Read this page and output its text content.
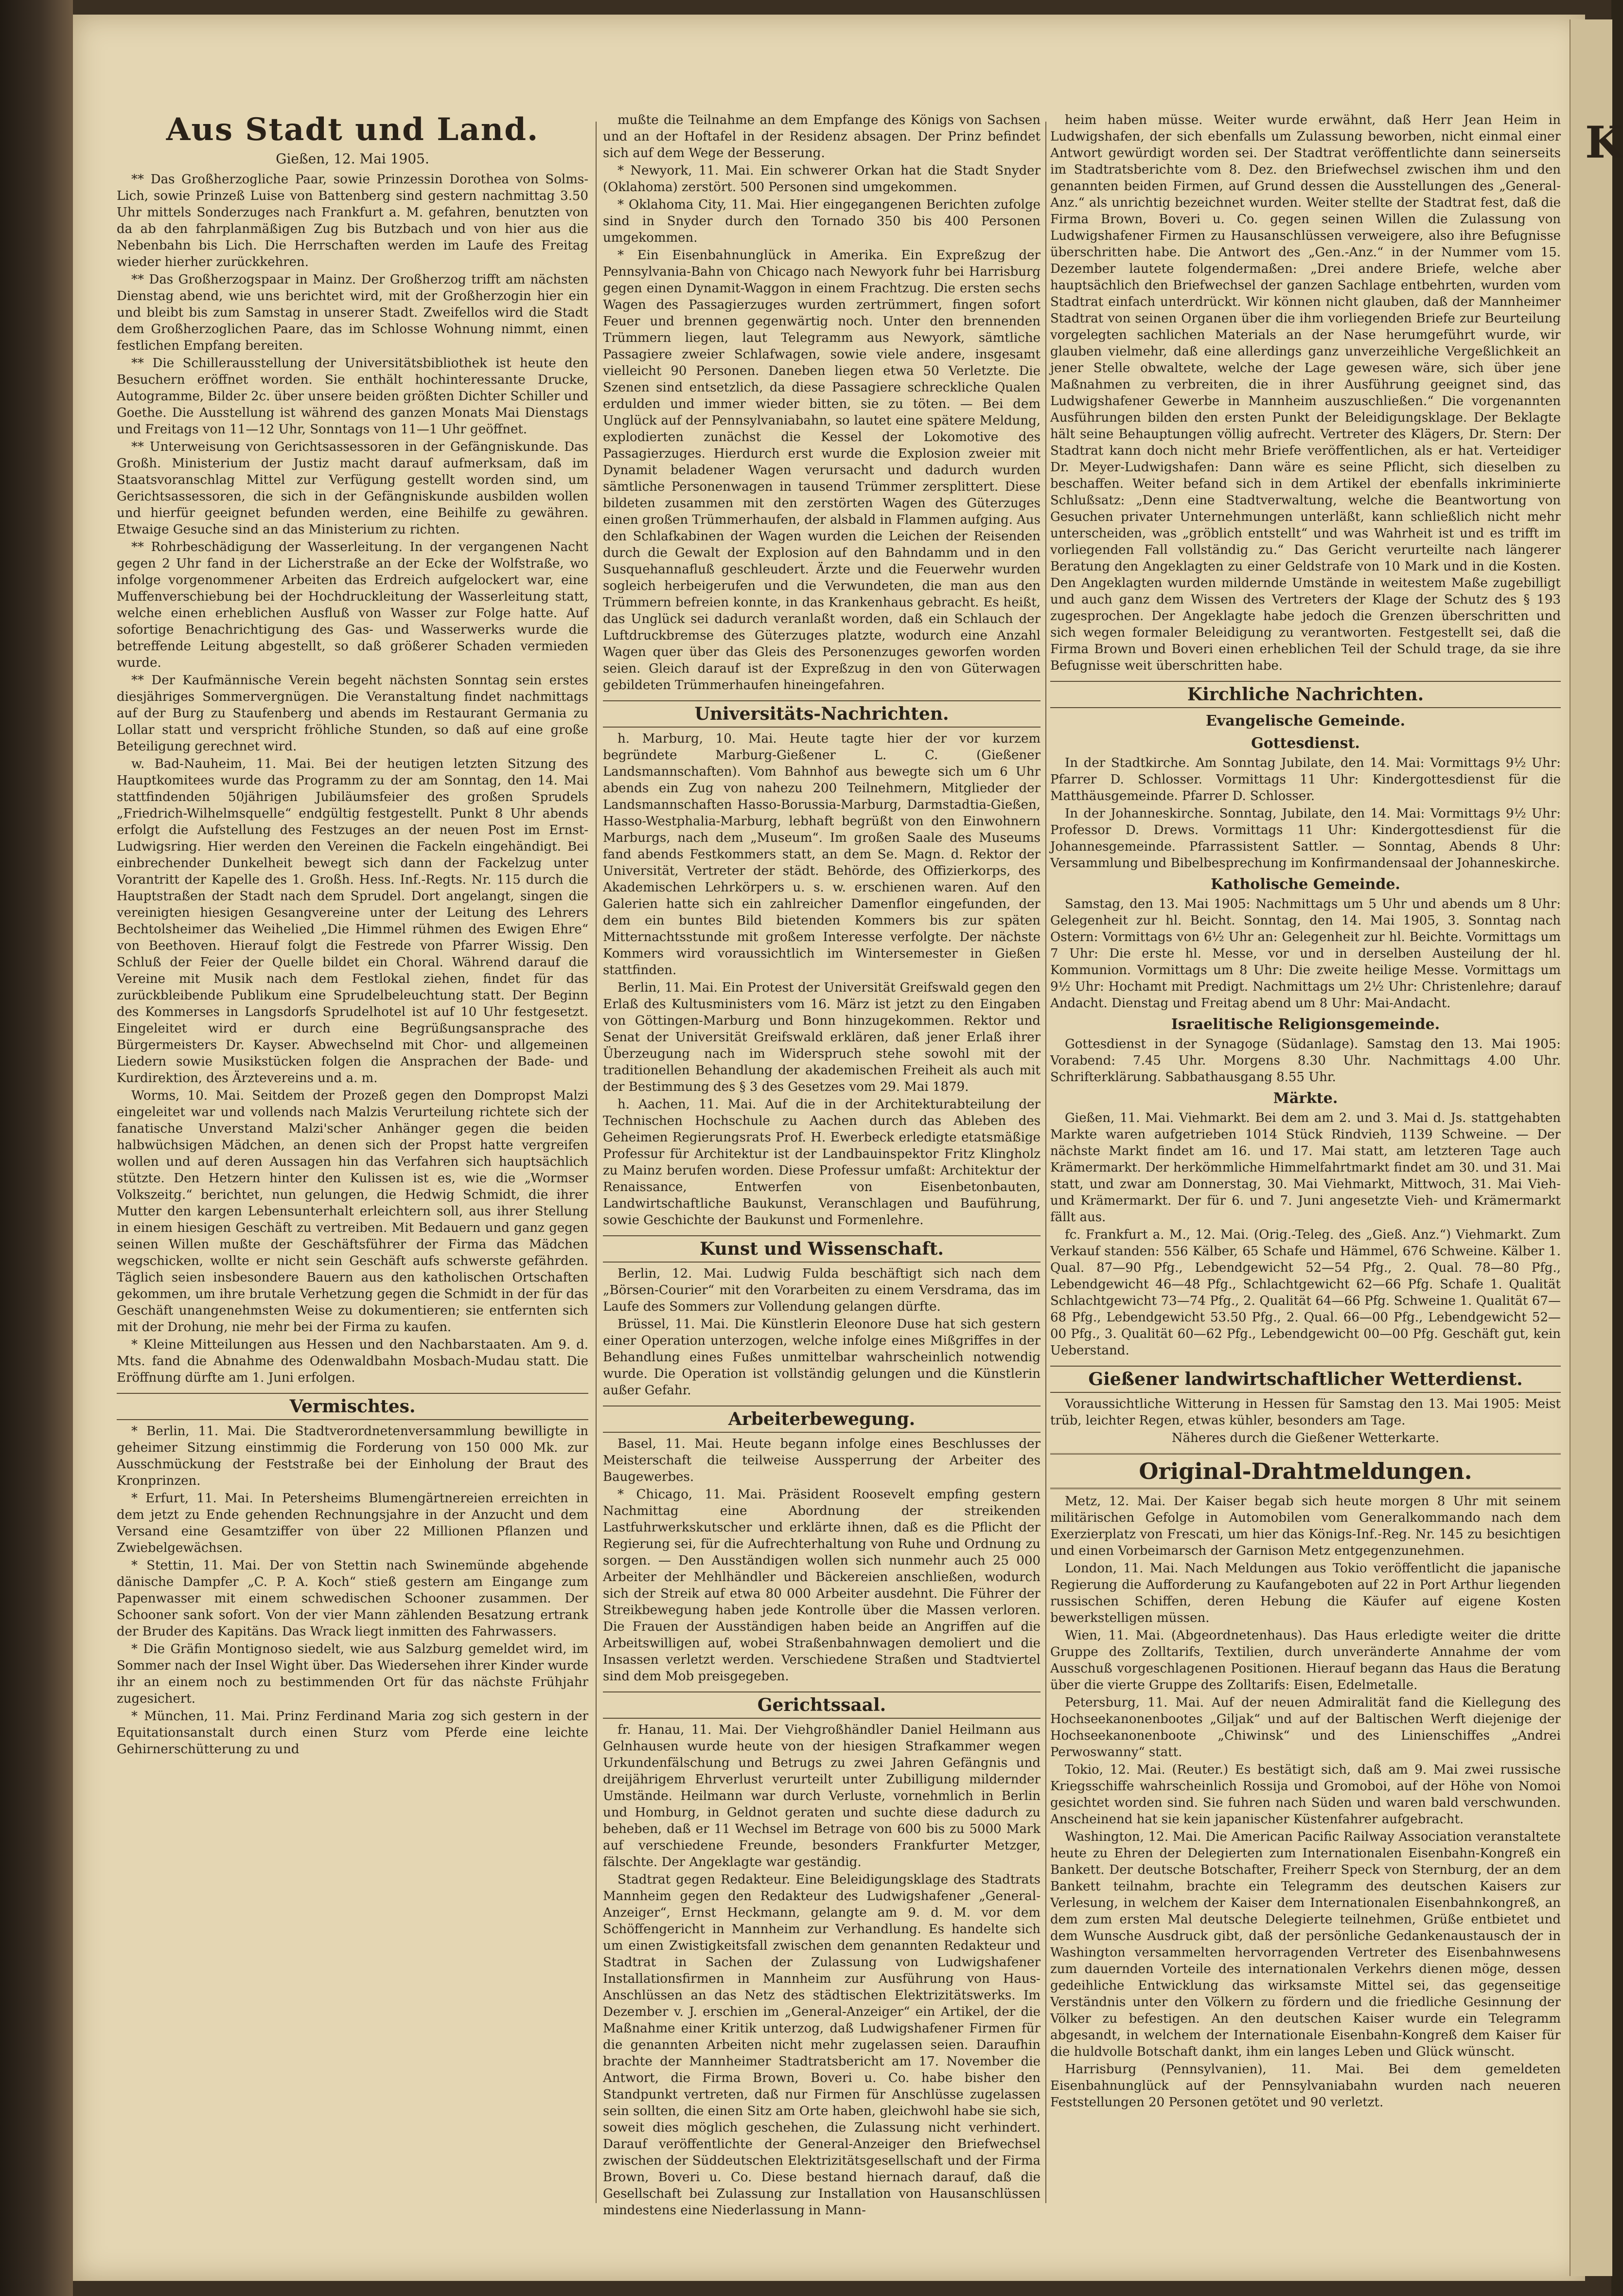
K
Aus Stadt und Land.
Gießen, 12. Mai 1905.

** Das Großherzogliche Paar, sowie Prinzessin Dorothea von Solms-Lich, sowie Prinzeß Luise von Battenberg sind gestern nachmittag 3.50 Uhr mittels Sonderzuges nach Frankfurt a. M. gefahren, benutzten von da ab den fahrplanmäßigen Zug bis Butzbach und von hier aus die Nebenbahn bis Lich. Die Herrschaften werden im Laufe des Freitag wieder hierher zurückkehren.

** Das Großherzogspaar in Mainz. Der Großherzog trifft am nächsten Dienstag abend, wie uns berichtet wird, mit der Großherzogin hier ein und bleibt bis zum Samstag in unserer Stadt. Zweifellos wird die Stadt dem Großherzoglichen Paare, das im Schlosse Wohnung nimmt, einen festlichen Empfang bereiten.

** Die Schillerausstellung der Universitätsbibliothek ist heute den Besuchern eröffnet worden. Sie enthält hochinteressante Drucke, Autogramme, Bilder 2c. über unsere beiden größten Dichter Schiller und Goethe. Die Ausstellung ist während des ganzen Monats Mai Dienstags und Freitags von 11—12 Uhr, Sonntags von 11—1 Uhr geöffnet.

** Unterweisung von Gerichtsassessoren in der Gefängniskunde. Das Großh. Ministerium der Justiz macht darauf aufmerksam, daß im Staatsvoranschlag Mittel zur Verfügung gestellt worden sind, um Gerichtsassessoren, die sich in der Gefängniskunde ausbilden wollen und hierfür geeignet befunden werden, eine Beihilfe zu gewähren. Etwaige Gesuche sind an das Ministerium zu richten.

** Rohrbeschädigung der Wasserleitung. In der vergangenen Nacht gegen 2 Uhr fand in der Licherstraße an der Ecke der Wolfstraße, wo infolge vorgenommener Arbeiten das Erdreich aufgelockert war, eine Muffenverschiebung bei der Hochdruckleitung der Wasserleitung statt, welche einen erheblichen Ausfluß von Wasser zur Folge hatte. Auf sofortige Benachrichtigung des Gas- und Wasserwerks wurde die betreffende Leitung abgestellt, so daß größerer Schaden vermieden wurde.

** Der Kaufmännische Verein begeht nächsten Sonntag sein erstes diesjähriges Sommervergnügen. Die Veranstaltung findet nachmittags auf der Burg zu Staufenberg und abends im Restaurant Germania zu Lollar statt und verspricht fröhliche Stunden, so daß auf eine große Beteiligung gerechnet wird.

w. Bad-Nauheim, 11. Mai. Bei der heutigen letzten Sitzung des Hauptkomitees wurde das Programm zu der am Sonntag, den 14. Mai stattfindenden 50jährigen Jubiläumsfeier des großen Sprudels „Friedrich-Wilhelmsquelle“ endgültig festgestellt. Punkt 8 Uhr abends erfolgt die Aufstellung des Festzuges an der neuen Post im Ernst-Ludwigsring. Hier werden den Vereinen die Fackeln eingehändigt. Bei einbrechender Dunkelheit bewegt sich dann der Fackelzug unter Vorantritt der Kapelle des 1. Großh. Hess. Inf.-Regts. Nr. 115 durch die Hauptstraßen der Stadt nach dem Sprudel. Dort angelangt, singen die vereinigten hiesigen Gesangvereine unter der Leitung des Lehrers Bechtolsheimer das Weihelied „Die Himmel rühmen des Ewigen Ehre“ von Beethoven. Hierauf folgt die Festrede von Pfarrer Wissig. Den Schluß der Feier der Quelle bildet ein Choral. Während darauf die Vereine mit Musik nach dem Festlokal ziehen, findet für das zurückbleibende Publikum eine Sprudelbeleuchtung statt. Der Beginn des Kommerses in Langsdorfs Sprudelhotel ist auf 10 Uhr festgesetzt. Eingeleitet wird er durch eine Begrüßungsansprache des Bürgermeisters Dr. Kayser. Abwechselnd mit Chor- und allgemeinen Liedern sowie Musikstücken folgen die Ansprachen der Bade- und Kurdirektion, des Ärztevereins und a. m.

Worms, 10. Mai. Seitdem der Prozeß gegen den Dompropst Malzi eingeleitet war und vollends nach Malzis Verurteilung richtete sich der fanatische Unverstand Malzi'scher Anhänger gegen die beiden halbwüchsigen Mädchen, an denen sich der Propst hatte vergreifen wollen und auf deren Aussagen hin das Verfahren sich hauptsächlich stützte. Den Hetzern hinter den Kulissen ist es, wie die „Wormser Volkszeitg.“ berichtet, nun gelungen, die Hedwig Schmidt, die ihrer Mutter den kargen Lebensunterhalt erleichtern soll, aus ihrer Stellung in einem hiesigen Geschäft zu vertreiben. Mit Bedauern und ganz gegen seinen Willen mußte der Geschäftsführer der Firma das Mädchen wegschicken, wollte er nicht sein Geschäft aufs schwerste gefährden. Täglich seien insbesondere Bauern aus den katholischen Ortschaften gekommen, um ihre brutale Verhetzung gegen die Schmidt in der für das Geschäft unangenehmsten Weise zu dokumentieren; sie entfernten sich mit der Drohung, nie mehr bei der Firma zu kaufen.

* Kleine Mitteilungen aus Hessen und den Nachbarstaaten. Am 9. d. Mts. fand die Abnahme des Odenwaldbahn Mosbach-Mudau statt. Die Eröffnung dürfte am 1. Juni erfolgen.

Vermischtes.

* Berlin, 11. Mai. Die Stadtverordnetenversammlung bewilligte in geheimer Sitzung einstimmig die Forderung von 150 000 Mk. zur Ausschmückung der Feststraße bei der Einholung der Braut des Kronprinzen.

* Erfurt, 11. Mai. In Petersheims Blumengärtnereien erreichten in dem jetzt zu Ende gehenden Rechnungsjahre in der Anzucht und dem Versand eine Gesamtziffer von über 22 Millionen Pflanzen und Zwiebelgewächsen.

* Stettin, 11. Mai. Der von Stettin nach Swinemünde abgehende dänische Dampfer „C. P. A. Koch“ stieß gestern am Eingange zum Papenwasser mit einem schwedischen Schooner zusammen. Der Schooner sank sofort. Von der vier Mann zählenden Besatzung ertrank der Bruder des Kapitäns. Das Wrack liegt inmitten des Fahrwassers.

* Die Gräfin Montignoso siedelt, wie aus Salzburg gemeldet wird, im Sommer nach der Insel Wight über. Das Wiedersehen ihrer Kinder wurde ihr an einem noch zu bestimmenden Ort für das nächste Frühjahr zugesichert.

* München, 11. Mai. Prinz Ferdinand Maria zog sich gestern in der Equitationsanstalt durch einen Sturz vom Pferde eine leichte Gehirnerschütterung zu und

mußte die Teilnahme an dem Empfange des Königs von Sachsen und an der Hoftafel in der Residenz absagen. Der Prinz befindet sich auf dem Wege der Besserung.

* Newyork, 11. Mai. Ein schwerer Orkan hat die Stadt Snyder (Oklahoma) zerstört. 500 Personen sind umgekommen.

* Oklahoma City, 11. Mai. Hier eingegangenen Berichten zufolge sind in Snyder durch den Tornado 350 bis 400 Personen umgekommen.

* Ein Eisenbahnunglück in Amerika. Ein Expreßzug der Pennsylvania-Bahn von Chicago nach Newyork fuhr bei Harrisburg gegen einen Dynamit-Waggon in einem Frachtzug. Die ersten sechs Wagen des Passagierzuges wurden zertrümmert, fingen sofort Feuer und brennen gegenwärtig noch. Unter den brennenden Trümmern liegen, laut Telegramm aus Newyork, sämtliche Passagiere zweier Schlafwagen, sowie viele andere, insgesamt vielleicht 90 Personen. Daneben liegen etwa 50 Verletzte. Die Szenen sind entsetzlich, da diese Passagiere schreckliche Qualen erdulden und immer wieder bitten, sie zu töten. — Bei dem Unglück auf der Pennsylvaniabahn, so lautet eine spätere Meldung, explodierten zunächst die Kessel der Lokomotive des Passagierzuges. Hierdurch erst wurde die Explosion zweier mit Dynamit beladener Wagen verursacht und dadurch wurden sämtliche Personenwagen in tausend Trümmer zersplittert. Diese bildeten zusammen mit den zerstörten Wagen des Güterzuges einen großen Trümmerhaufen, der alsbald in Flammen aufging. Aus den Schlafkabinen der Wagen wurden die Leichen der Reisenden durch die Gewalt der Explosion auf den Bahndamm und in den Susquehannafluß geschleudert. Ärzte und die Feuerwehr wurden sogleich herbeigerufen und die Verwundeten, die man aus den Trümmern befreien konnte, in das Krankenhaus gebracht. Es heißt, das Unglück sei dadurch veranlaßt worden, daß ein Schlauch der Luftdruckbremse des Güterzuges platzte, wodurch eine Anzahl Wagen quer über das Gleis des Personenzuges geworfen worden seien. Gleich darauf ist der Expreßzug in den von Güterwagen gebildeten Trümmerhaufen hineingefahren.

Universitäts-Nachrichten.

h. Marburg, 10. Mai. Heute tagte hier der vor kurzem begründete Marburg-Gießener L. C. (Gießener Landsmannschaften). Vom Bahnhof aus bewegte sich um 6 Uhr abends ein Zug von nahezu 200 Teilnehmern, Mitglieder der Landsmannschaften Hasso-Borussia-Marburg, Darmstadtia-Gießen, Hasso-Westphalia-Marburg, lebhaft begrüßt von den Einwohnern Marburgs, nach dem „Museum“. Im großen Saale des Museums fand abends Festkommers statt, an dem Se. Magn. d. Rektor der Universität, Vertreter der städt. Behörde, des Offizierkorps, des Akademischen Lehrkörpers u. s. w. erschienen waren. Auf den Galerien hatte sich ein zahlreicher Damenflor eingefunden, der dem ein buntes Bild bietenden Kommers bis zur späten Mitternachtsstunde mit großem Interesse verfolgte. Der nächste Kommers wird voraussichtlich im Wintersemester in Gießen stattfinden.

Berlin, 11. Mai. Ein Protest der Universität Greifswald gegen den Erlaß des Kultusministers vom 16. März ist jetzt zu den Eingaben von Göttingen-Marburg und Bonn hinzugekommen. Rektor und Senat der Universität Greifswald erklären, daß jener Erlaß ihrer Überzeugung nach im Widerspruch stehe sowohl mit der traditionellen Behandlung der akademischen Freiheit als auch mit der Bestimmung des § 3 des Gesetzes vom 29. Mai 1879.

h. Aachen, 11. Mai. Auf die in der Architekturabteilung der Technischen Hochschule zu Aachen durch das Ableben des Geheimen Regierungsrats Prof. H. Ewerbeck erledigte etatsmäßige Professur für Architektur ist der Landbauinspektor Fritz Klingholz zu Mainz berufen worden. Diese Professur umfaßt: Architektur der Renaissance, Entwerfen von Eisenbetonbauten, Landwirtschaftliche Baukunst, Veranschlagen und Bauführung, sowie Geschichte der Baukunst und Formenlehre.

Kunst und Wissenschaft.

Berlin, 12. Mai. Ludwig Fulda beschäftigt sich nach dem „Börsen-Courier“ mit den Vorarbeiten zu einem Versdrama, das im Laufe des Sommers zur Vollendung gelangen dürfte.

Brüssel, 11. Mai. Die Künstlerin Eleonore Duse hat sich gestern einer Operation unterzogen, welche infolge eines Mißgriffes in der Behandlung eines Fußes unmittelbar wahrscheinlich notwendig wurde. Die Operation ist vollständig gelungen und die Künstlerin außer Gefahr.

Arbeiterbewegung.

Basel, 11. Mai. Heute begann infolge eines Beschlusses der Meisterschaft die teilweise Aussperrung der Arbeiter des Baugewerbes.

* Chicago, 11. Mai. Präsident Roosevelt empfing gestern Nachmittag eine Abordnung der streikenden Lastfuhrwerkskutscher und erklärte ihnen, daß es die Pflicht der Regierung sei, für die Aufrechterhaltung von Ruhe und Ordnung zu sorgen. — Den Ausständigen wollen sich nunmehr auch 25 000 Arbeiter der Mehlhändler und Bäckereien anschließen, wodurch sich der Streik auf etwa 80 000 Arbeiter ausdehnt. Die Führer der Streikbewegung haben jede Kontrolle über die Massen verloren. Die Frauen der Ausständigen haben beide an Angriffen auf die Arbeitswilligen auf, wobei Straßenbahnwagen demoliert und die Insassen verletzt werden. Verschiedene Straßen und Stadtviertel sind dem Mob preisgegeben.

Gerichtssaal.

fr. Hanau, 11. Mai. Der Viehgroßhändler Daniel Heilmann aus Gelnhausen wurde heute von der hiesigen Strafkammer wegen Urkundenfälschung und Betrugs zu zwei Jahren Gefängnis und dreijährigem Ehrverlust verurteilt unter Zubilligung mildernder Umstände. Heilmann war durch Verluste, vornehmlich in Berlin und Homburg, in Geldnot geraten und suchte diese dadurch zu beheben, daß er 11 Wechsel im Betrage von 600 bis zu 5000 Mark auf verschiedene Freunde, besonders Frankfurter Metzger, fälschte. Der Angeklagte war geständig.

Stadtrat gegen Redakteur. Eine Beleidigungsklage des Stadtrats Mannheim gegen den Redakteur des Ludwigshafener „General-Anzeiger“, Ernst Heckmann, gelangte am 9. d. M. vor dem Schöffengericht in Mannheim zur Verhandlung. Es handelte sich um einen Zwistigkeitsfall zwischen dem genannten Redakteur und Stadtrat in Sachen der Zulassung von Ludwigshafener Installationsfirmen in Mannheim zur Ausführung von Haus-Anschlüssen an das Netz des städtischen Elektrizitätswerks. Im Dezember v. J. erschien im „General-Anzeiger“ ein Artikel, der die Maßnahme einer Kritik unterzog, daß Ludwigshafener Firmen für die genannten Arbeiten nicht mehr zugelassen seien. Daraufhin brachte der Mannheimer Stadtratsbericht am 17. November die Antwort, die Firma Brown, Boveri u. Co. habe bisher den Standpunkt vertreten, daß nur Firmen für Anschlüsse zugelassen sein sollten, die einen Sitz am Orte haben, gleichwohl habe sie sich, soweit dies möglich geschehen, die Zulassung nicht verhindert. Darauf veröffentlichte der General-Anzeiger den Briefwechsel zwischen der Süddeutschen Elektrizitätsgesellschaft und der Firma Brown, Boveri u. Co. Diese bestand hiernach darauf, daß die Gesellschaft bei Zulassung zur Installation von Hausanschlüssen mindestens eine Niederlassung in Mann-

heim haben müsse. Weiter wurde erwähnt, daß Herr Jean Heim in Ludwigshafen, der sich ebenfalls um Zulassung beworben, nicht einmal einer Antwort gewürdigt worden sei. Der Stadtrat veröffentlichte dann seinerseits im Stadtratsberichte vom 8. Dez. den Briefwechsel zwischen ihm und den genannten beiden Firmen, auf Grund dessen die Ausstellungen des „General-Anz.“ als unrichtig bezeichnet wurden. Weiter stellte der Stadtrat fest, daß die Firma Brown, Boveri u. Co. gegen seinen Willen die Zulassung von Ludwigshafener Firmen zu Hausanschlüssen verweigere, also ihre Befugnisse überschritten habe. Die Antwort des „Gen.-Anz.“ in der Nummer vom 15. Dezember lautete folgendermaßen: „Drei andere Briefe, welche aber hauptsächlich den Briefwechsel der ganzen Sachlage entbehrten, wurden vom Stadtrat einfach unterdrückt. Wir können nicht glauben, daß der Mannheimer Stadtrat von seinen Organen über die ihm vorliegenden Briefe zur Beurteilung vorgelegten sachlichen Materials an der Nase herumgeführt wurde, wir glauben vielmehr, daß eine allerdings ganz unverzeihliche Vergeßlichkeit an jener Stelle obwaltete, welche der Lage gewesen wäre, sich über jene Maßnahmen zu verbreiten, die in ihrer Ausführung geeignet sind, das Ludwigshafener Gewerbe in Mannheim auszuschließen.“ Die vorgenannten Ausführungen bilden den ersten Punkt der Beleidigungsklage. Der Beklagte hält seine Behauptungen völlig aufrecht. Vertreter des Klägers, Dr. Stern: Der Stadtrat kann doch nicht mehr Briefe veröffentlichen, als er hat. Verteidiger Dr. Meyer-Ludwigshafen: Dann wäre es seine Pflicht, sich dieselben zu beschaffen. Weiter befand sich in dem Artikel der ebenfalls inkriminierte Schlußsatz: „Denn eine Stadtverwaltung, welche die Beantwortung von Gesuchen privater Unternehmungen unterläßt, kann schließlich nicht mehr unterscheiden, was „gröblich entstellt“ und was Wahrheit ist und es trifft im vorliegenden Fall vollständig zu.“ Das Gericht verurteilte nach längerer Beratung den Angeklagten zu einer Geldstrafe von 10 Mark und in die Kosten. Den Angeklagten wurden mildernde Umstände in weitestem Maße zugebilligt und auch ganz dem Wissen des Vertreters der Klage der Schutz des § 193 zugesprochen. Der Angeklagte habe jedoch die Grenzen überschritten und sich wegen formaler Beleidigung zu verantworten. Festgestellt sei, daß die Firma Brown und Boveri einen erheblichen Teil der Schuld trage, da sie ihre Befugnisse weit überschritten habe.

Kirchliche Nachrichten.
Evangelische Gemeinde.
Gottesdienst.

In der Stadtkirche. Am Sonntag Jubilate, den 14. Mai: Vormittags 9½ Uhr: Pfarrer D. Schlosser. Vormittags 11 Uhr: Kindergottesdienst für die Matthäusgemeinde. Pfarrer D. Schlosser.

In der Johanneskirche. Sonntag, Jubilate, den 14. Mai: Vormittags 9½ Uhr: Professor D. Drews. Vormittags 11 Uhr: Kindergottesdienst für die Johannesgemeinde. Pfarrassistent Sattler. — Sonntag, Abends 8 Uhr: Versammlung und Bibelbesprechung im Konfirmandensaal der Johanneskirche.

Katholische Gemeinde.

Samstag, den 13. Mai 1905: Nachmittags um 5 Uhr und abends um 8 Uhr: Gelegenheit zur hl. Beicht. Sonntag, den 14. Mai 1905, 3. Sonntag nach Ostern: Vormittags von 6½ Uhr an: Gelegenheit zur hl. Beichte. Vormittags um 7 Uhr: Die erste hl. Messe, vor und in derselben Austeilung der hl. Kommunion. Vormittags um 8 Uhr: Die zweite heilige Messe. Vormittags um 9½ Uhr: Hochamt mit Predigt. Nachmittags um 2½ Uhr: Christenlehre; darauf Andacht. Dienstag und Freitag abend um 8 Uhr: Mai-Andacht.

Israelitische Religionsgemeinde.

Gottesdienst in der Synagoge (Südanlage). Samstag den 13. Mai 1905: Vorabend: 7.45 Uhr. Morgens 8.30 Uhr. Nachmittags 4.00 Uhr. Schrifterklärung. Sabbathausgang 8.55 Uhr.

Märkte.

Gießen, 11. Mai. Viehmarkt. Bei dem am 2. und 3. Mai d. Js. stattgehabten Markte waren aufgetrieben 1014 Stück Rindvieh, 1139 Schweine. — Der nächste Markt findet am 16. und 17. Mai statt, am letzteren Tage auch Krämermarkt. Der herkömmliche Himmelfahrtmarkt findet am 30. und 31. Mai statt, und zwar am Donnerstag, 30. Mai Viehmarkt, Mittwoch, 31. Mai Vieh- und Krämermarkt. Der für 6. und 7. Juni angesetzte Vieh- und Krämermarkt fällt aus.

fc. Frankfurt a. M., 12. Mai. (Orig.-Teleg. des „Gieß. Anz.“) Viehmarkt. Zum Verkauf standen: 556 Kälber, 65 Schafe und Hämmel, 676 Schweine. Kälber 1. Qual. 87—90 Pfg., Lebendgewicht 52—54 Pfg., 2. Qual. 78—80 Pfg., Lebendgewicht 46—48 Pfg., Schlachtgewicht 62—66 Pfg. Schafe 1. Qualität Schlachtgewicht 73—74 Pfg., 2. Qualität 64—66 Pfg. Schweine 1. Qualität 67—68 Pfg., Lebendgewicht 53.50 Pfg., 2. Qual. 66—00 Pfg., Lebendgewicht 52—00 Pfg., 3. Qualität 60—62 Pfg., Lebendgewicht 00—00 Pfg. Geschäft gut, kein Ueberstand.

Gießener landwirtschaftlicher Wetterdienst.

Voraussichtliche Witterung in Hessen für Samstag den 13. Mai 1905: Meist trüb, leichter Regen, etwas kühler, besonders am Tage.

Näheres durch die Gießener Wetterkarte.

Original-Drahtmeldungen.

Metz, 12. Mai. Der Kaiser begab sich heute morgen 8 Uhr mit seinem militärischen Gefolge in Automobilen vom Generalkommando nach dem Exerzierplatz von Frescati, um hier das Königs-Inf.-Reg. Nr. 145 zu besichtigen und einen Vorbeimarsch der Garnison Metz entgegenzunehmen.

London, 11. Mai. Nach Meldungen aus Tokio veröffentlicht die japanische Regierung die Aufforderung zu Kaufangeboten auf 22 in Port Arthur liegenden russischen Schiffen, deren Hebung die Käufer auf eigene Kosten bewerkstelligen müssen.

Wien, 11. Mai. (Abgeordnetenhaus). Das Haus erledigte weiter die dritte Gruppe des Zolltarifs, Textilien, durch unveränderte Annahme der vom Ausschuß vorgeschlagenen Positionen. Hierauf begann das Haus die Beratung über die vierte Gruppe des Zolltarifs: Eisen, Edelmetalle.

Petersburg, 11. Mai. Auf der neuen Admiralität fand die Kiellegung des Hochseekanonenbootes „Giljak“ und auf der Baltischen Werft diejenige der Hochseekanonenboote „Chiwinsk“ und des Linienschiffes „Andrei Perwoswanny“ statt.

Tokio, 12. Mai. (Reuter.) Es bestätigt sich, daß am 9. Mai zwei russische Kriegsschiffe wahrscheinlich Rossija und Gromoboi, auf der Höhe von Nomoi gesichtet worden sind. Sie fuhren nach Süden und waren bald verschwunden. Anscheinend hat sie kein japanischer Küstenfahrer aufgebracht.

Washington, 12. Mai. Die American Pacific Railway Association veranstaltete heute zu Ehren der Delegierten zum Internationalen Eisenbahn-Kongreß ein Bankett. Der deutsche Botschafter, Freiherr Speck von Sternburg, der an dem Bankett teilnahm, brachte ein Telegramm des deutschen Kaisers zur Verlesung, in welchem der Kaiser dem Internationalen Eisenbahnkongreß, an dem zum ersten Mal deutsche Delegierte teilnehmen, Grüße entbietet und dem Wunsche Ausdruck gibt, daß der persönliche Gedankenaustausch der in Washington versammelten hervorragenden Vertreter des Eisenbahnwesens zum dauernden Vorteile des internationalen Verkehrs dienen möge, dessen gedeihliche Entwicklung das wirksamste Mittel sei, das gegenseitige Verständnis unter den Völkern zu fördern und die friedliche Gesinnung der Völker zu befestigen. An den deutschen Kaiser wurde ein Telegramm abgesandt, in welchem der Internationale Eisenbahn-Kongreß dem Kaiser für die huldvolle Botschaft dankt, ihm ein langes Leben und Glück wünscht.

Harrisburg (Pennsylvanien), 11. Mai. Bei dem gemeldeten Eisenbahnunglück auf der Pennsylvaniabahn wurden nach neueren Feststellungen 20 Personen getötet und 90 verletzt.
